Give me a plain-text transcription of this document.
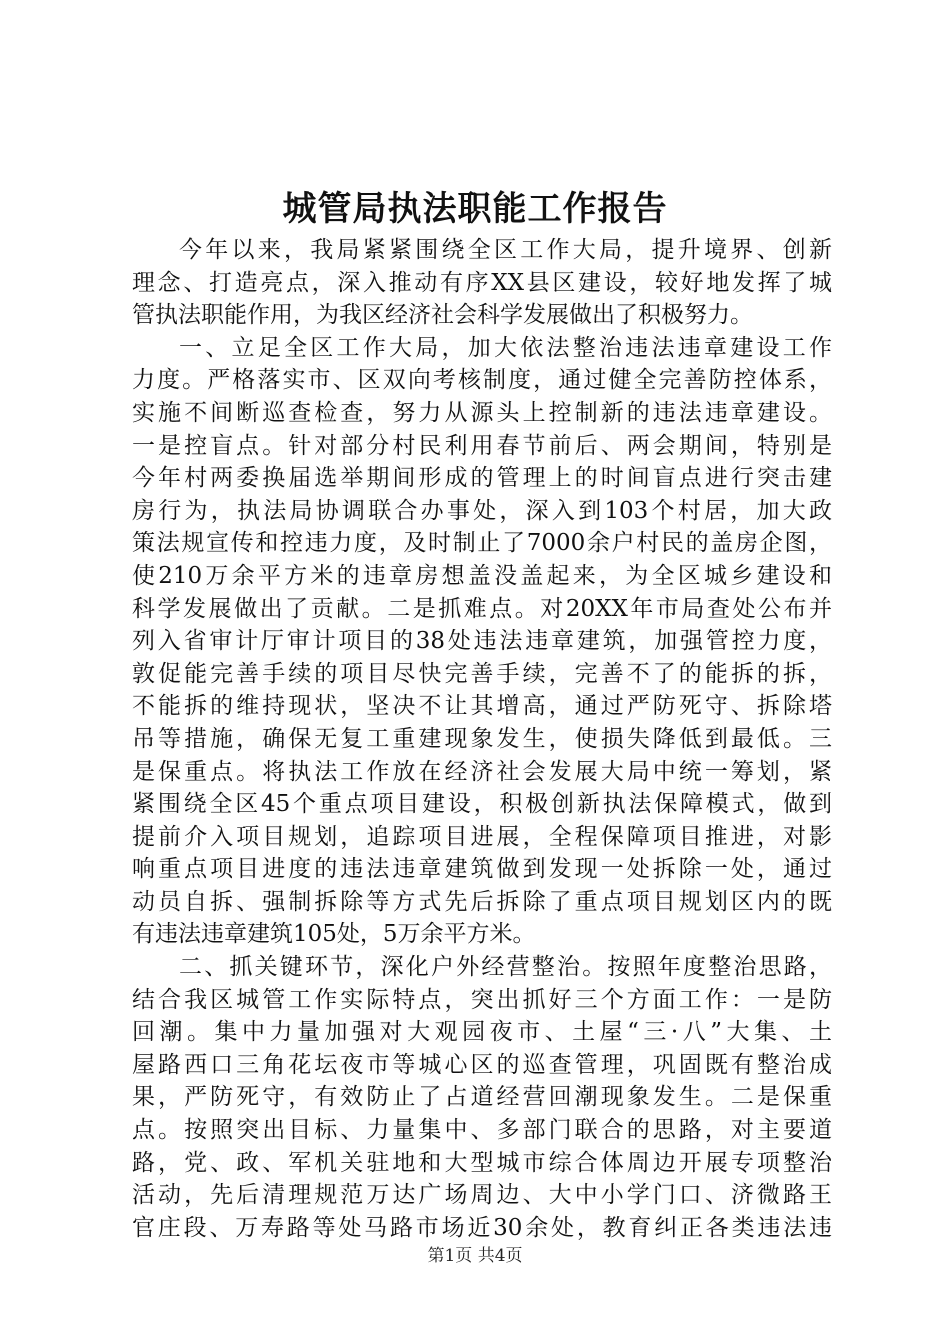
城管局执法职能工作报告
今年以来，我局紧紧围绕全区工作大局，提升境界、创新
理念、打造亮点，深入推动有序XX县区建设，较好地发挥了城
管执法职能作用，为我区经济社会科学发展做出了积极努力。
一、立足全区工作大局，加大依法整治违法违章建设工作
力度。严格落实市、区双向考核制度，通过健全完善防控体系，
实施不间断巡查检查，努力从源头上控制新的违法违章建设。
一是控盲点。针对部分村民利用春节前后、两会期间，特别是
今年村两委换届选举期间形成的管理上的时间盲点进行突击建
房行为，执法局协调联合办事处，深入到103个村居，加大政
策法规宣传和控违力度，及时制止了7000余户村民的盖房企图，
使210万余平方米的违章房想盖没盖起来，为全区城乡建设和
科学发展做出了贡献。二是抓难点。对20XX年市局查处公布并
列入省审计厅审计项目的38处违法违章建筑，加强管控力度，
敦促能完善手续的项目尽快完善手续，完善不了的能拆的拆，
不能拆的维持现状，坚决不让其增高，通过严防死守、拆除塔
吊等措施，确保无复工重建现象发生，使损失降低到最低。三
是保重点。将执法工作放在经济社会发展大局中统一筹划，紧
紧围绕全区45个重点项目建设，积极创新执法保障模式，做到
提前介入项目规划，追踪项目进展，全程保障项目推进，对影
响重点项目进度的违法违章建筑做到发现一处拆除一处，通过
动员自拆、强制拆除等方式先后拆除了重点项目规划区内的既
有违法违章建筑105处，5万余平方米。
二、抓关键环节，深化户外经营整治。按照年度整治思路，
结合我区城管工作实际特点，突出抓好三个方面工作：一是防
回潮。集中力量加强对大观园夜市、土屋“三·八”大集、土
屋路西口三角花坛夜市等城心区的巡查管理，巩固既有整治成
果，严防死守，有效防止了占道经营回潮现象发生。二是保重
点。按照突出目标、力量集中、多部门联合的思路，对主要道
路，党、政、军机关驻地和大型城市综合体周边开展专项整治
活动，先后清理规范万达广场周边、大中小学门口、济微路王
官庄段、万寿路等处马路市场近30余处，教育纠正各类违法违
第1页 共4页
